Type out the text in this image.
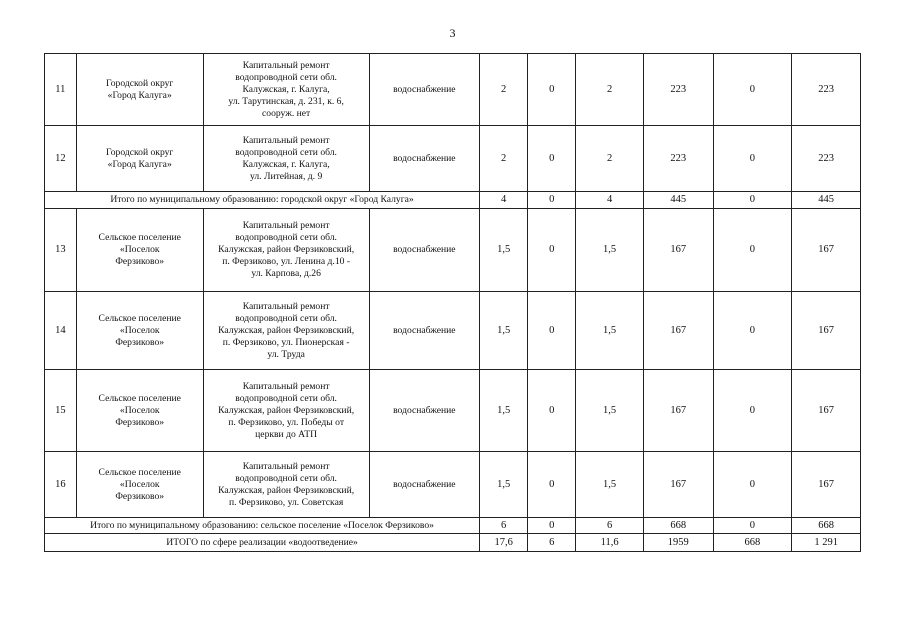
3
11	Городской округ
«Город Калуга»	Капитальный ремонт
водопроводной сети обл.
Калужская, г. Калуга,
ул. Тарутинская, д. 231, к. 6,
сооруж. нет	водоснабжение	2	0	2	223	0	223
12	Городской округ
«Город Калуга»	Капитальный ремонт
водопроводной сети обл.
Калужская, г. Калуга,
ул. Литейная, д. 9	водоснабжение	2	0	2	223	0	223
Итого по муниципальному образованию: городской округ «Город Калуга»				4	0	4	445	0	445
13	Сельское поселение
«Поселок
Ферзиково»	Капитальный ремонт
водопроводной сети обл.
Калужская, район Ферзиковский,
п. Ферзиково, ул. Ленина д.10 -
ул. Карпова, д.26	водоснабжение	1,5	0	1,5	167	0	167
14	Сельское поселение
«Поселок
Ферзиково»	Капитальный ремонт
водопроводной сети обл.
Калужская, район Ферзиковский,
п. Ферзиково, ул. Пионерская -
ул. Труда	водоснабжение	1,5	0	1,5	167	0	167
15	Сельское поселение
«Поселок
Ферзиково»	Капитальный ремонт
водопроводной сети обл.
Калужская, район Ферзиковский,
п. Ферзиково, ул. Победы от
церкви до АТП	водоснабжение	1,5	0	1,5	167	0	167
16	Сельское поселение
«Поселок
Ферзиково»	Капитальный ремонт
водопроводной сети обл.
Калужская, район Ферзиковский,
п. Ферзиково, ул. Советская	водоснабжение	1,5	0	1,5	167	0	167
Итого по муниципальному образованию: сельское поселение «Поселок Ферзиково»				6	0	6	668	0	668
ИТОГО по сфере реализации «водоотведение»				17,6	6	11,6	1959	668	1 291
